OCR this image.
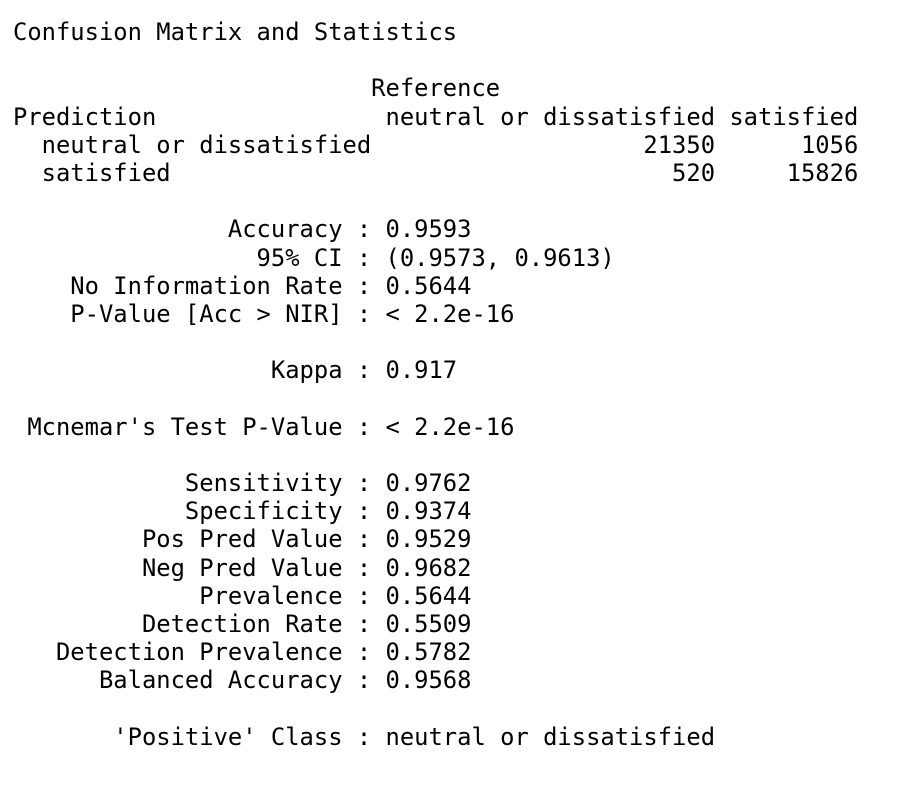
Confusion Matrix and Statistics
Reference
Prediction                neutral or dissatisfied satisfied
neutral or dissatisfied                   21350      1056
satisfied                                   520     15826
Accuracy : 0.9593
95% CI : (0.9573, 0.9613)
No Information Rate : 0.5644
P-Value [Acc > NIR] : < 2.2e-16
Kappa : 0.917
Mcnemar's Test P-Value : < 2.2e-16
Sensitivity : 0.9762
Specificity : 0.9374
Pos Pred Value : 0.9529
Neg Pred Value : 0.9682
Prevalence : 0.5644
Detection Rate : 0.5509
Detection Prevalence : 0.5782
Balanced Accuracy : 0.9568
'Positive' Class : neutral or dissatisfied
